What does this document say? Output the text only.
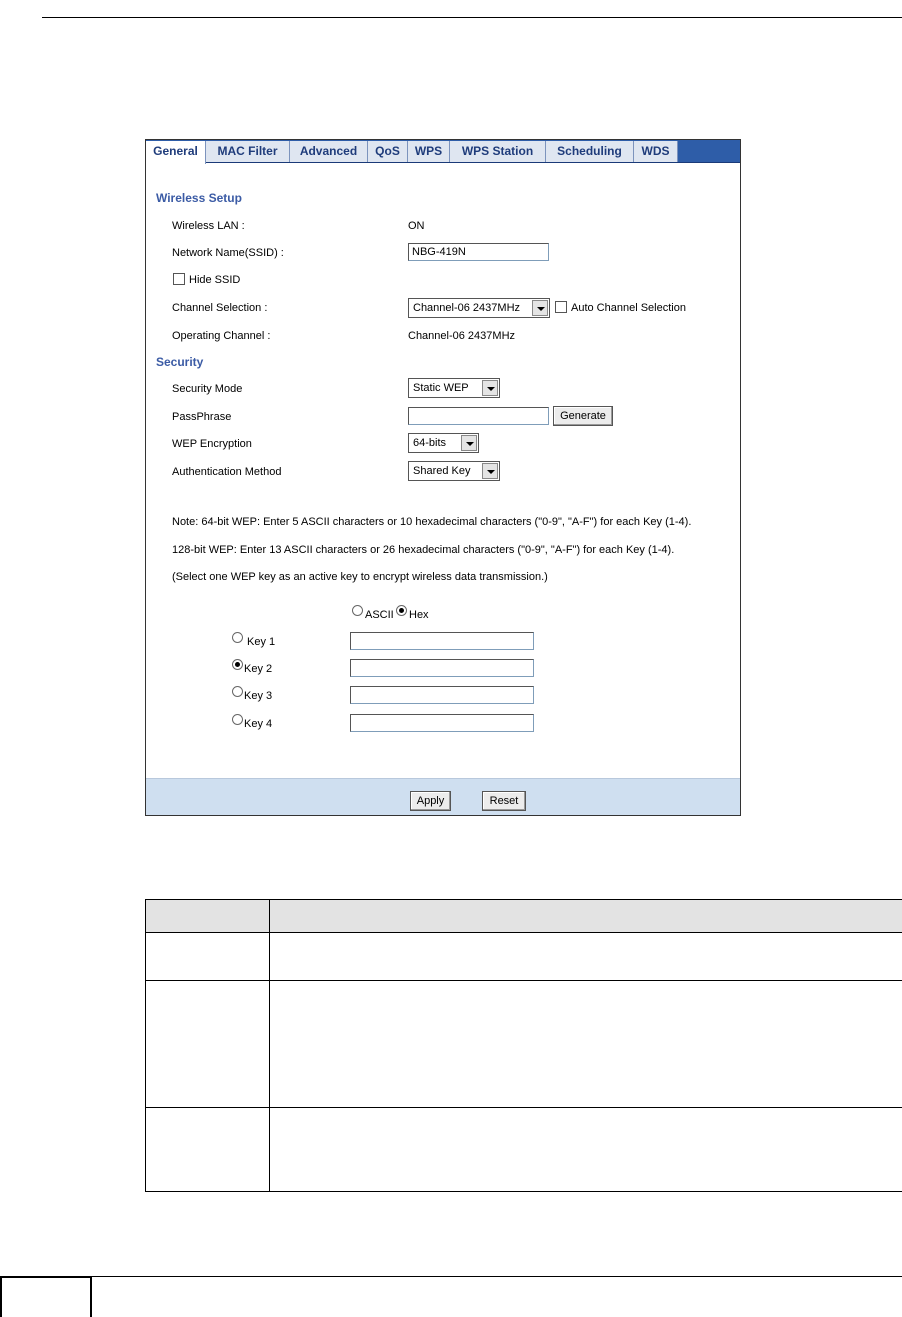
General	MAC Filter	Advanced	QoS	WPS	WPS Station	Scheduling	WDS
Wireless Setup
Wireless LAN :	ON
Network Name(SSID) :	NBG-419N
Hide SSID
Channel Selection :	Channel-06 2437MHz	Auto Channel Selection
Operating Channel :	Channel-06 2437MHz
Security
Security Mode	Static WEP
PassPhrase	Generate
WEP Encryption	64-bits
Authentication Method	Shared Key
Note: 64-bit WEP: Enter 5 ASCII characters or 10 hexadecimal characters ("0-9", "A-F") for each Key (1-4).
128-bit WEP: Enter 13 ASCII characters or 26 hexadecimal characters ("0-9", "A-F") for each Key (1-4).
(Select one WEP key as an active key to encrypt wireless data transmission.)
ASCII Hex
Key 1
Key 2
Key 3
Key 4
Apply	Reset
